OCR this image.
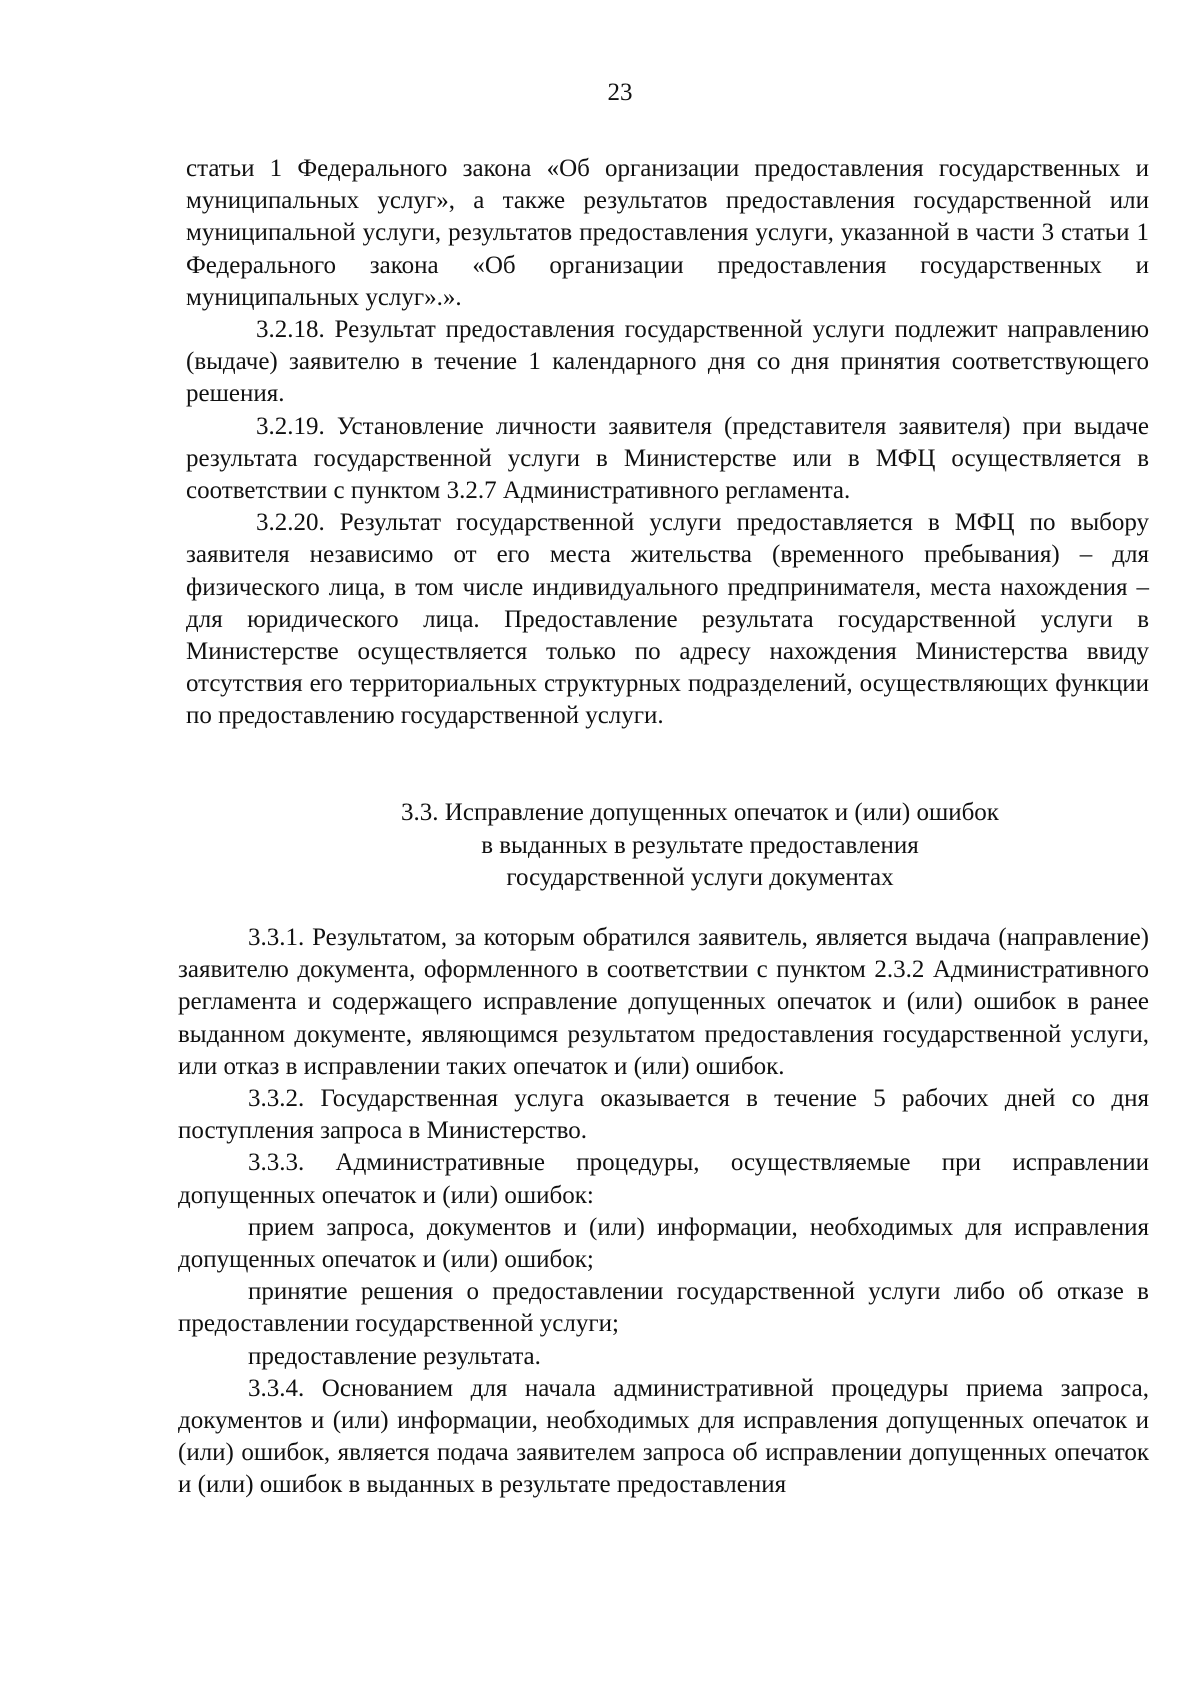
23

статьи 1 Федерального закона «Об организации предоставления государственных и муниципальных услуг», а также результатов предоставления государственной или муниципальной услуги, результатов предоставления услуги, указанной в части 3 статьи 1 Федерального закона «Об организации предоставления государственных и муниципальных услуг».».

3.2.18. Результат предоставления государственной услуги подлежит направлению (выдаче) заявителю в течение 1 календарного дня со дня принятия соответствующего решения.

3.2.19. Установление личности заявителя (представителя заявителя) при выдаче результата государственной услуги в Министерстве или в МФЦ осуществляется в соответствии с пунктом 3.2.7 Административного регламента.

3.2.20. Результат государственной услуги предоставляется в МФЦ по выбору заявителя независимо от его места жительства (временного пребывания) – для физического лица, в том числе индивидуального предпринимателя, места нахождения – для юридического лица. Предоставление результата государственной услуги в Министерстве осуществляется только по адресу нахождения Министерства ввиду отсутствия его территориальных структурных подразделений, осуществляющих функции по предоставлению государственной услуги.

3.3. Исправление допущенных опечаток и (или) ошибок
в выданных в результате предоставления
государственной услуги документах

3.3.1. Результатом, за которым обратился заявитель, является выдача (направление) заявителю документа, оформленного в соответствии с пунктом 2.3.2 Административного регламента и содержащего исправление допущенных опечаток и (или) ошибок в ранее выданном документе, являющимся результатом предоставления государственной услуги, или отказ в исправлении таких опечаток и (или) ошибок.

3.3.2. Государственная услуга оказывается в течение 5 рабочих дней со дня поступления запроса в Министерство.

3.3.3. Административные процедуры, осуществляемые при исправлении допущенных опечаток и (или) ошибок:

прием запроса, документов и (или) информации, необходимых для исправления допущенных опечаток и (или) ошибок;

принятие решения о предоставлении государственной услуги либо об отказе в предоставлении государственной услуги;

предоставление результата.

3.3.4. Основанием для начала административной процедуры приема запроса, документов и (или) информации, необходимых для исправления допущенных опечаток и (или) ошибок, является подача заявителем запроса об исправлении допущенных опечаток и (или) ошибок в выданных в результате предоставления
